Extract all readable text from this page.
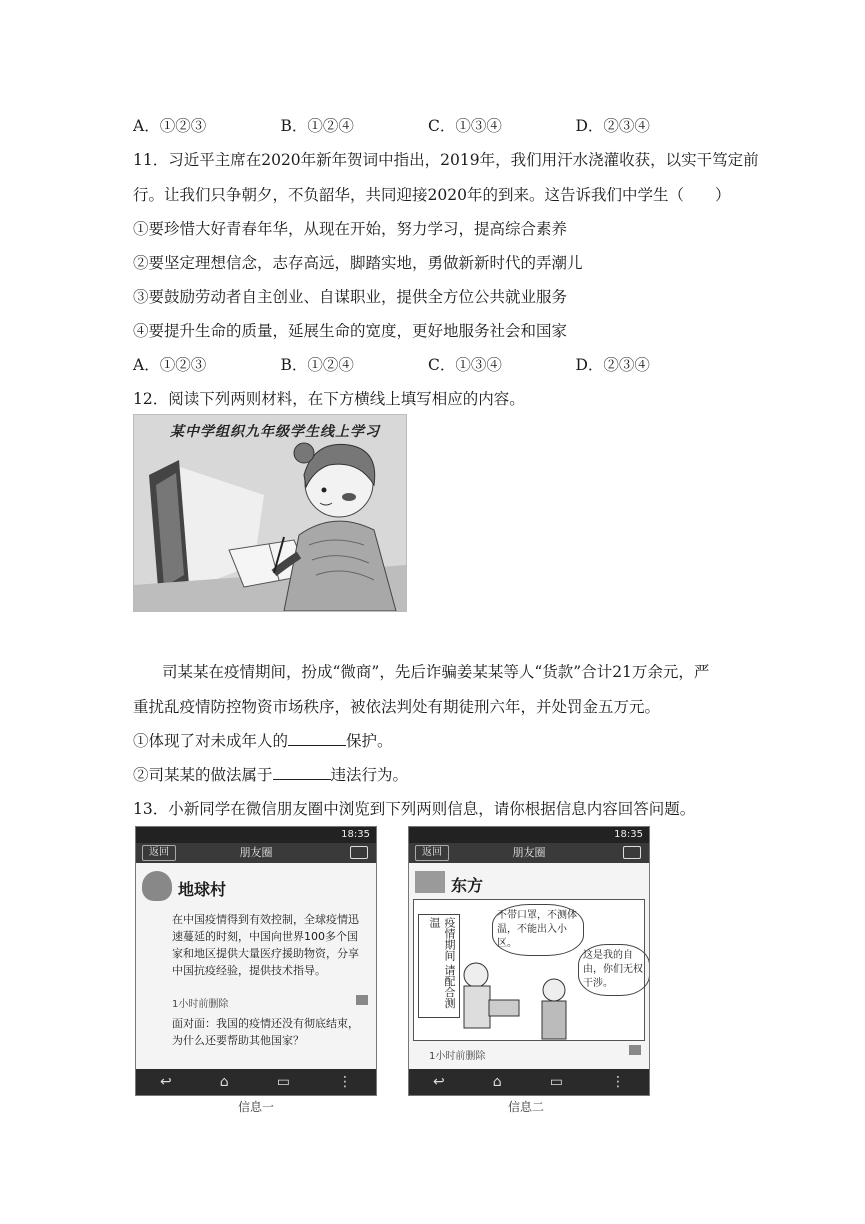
A．①②③	B．①②④	C．①③④	D．②③④
11．习近平主席在2020年新年贺词中指出，2019年，我们用汗水浇灌收获，以实干笃定前
行。让我们只争朝夕，不负韶华，共同迎接2020年的到来。这告诉我们中学生（　　）
①要珍惜大好青春年华，从现在开始，努力学习，提高综合素养
②要坚定理想信念，志存高远，脚踏实地，勇做新新时代的弄潮儿
③要鼓励劳动者自主创业、自谋职业，提供全方位公共就业服务
④要提升生命的质量，延展生命的宽度，更好地服务社会和国家
A．①②③	B．①②④	C．①③④	D．②③④
12．阅读下列两则材料，在下方横线上填写相应的内容。
某中学组织九年级学生线上学习
司某某在疫情期间，扮成“微商”，先后诈骗姜某某等人“货款”合计21万余元，严
重扰乱疫情防控物资市场秩序，被依法判处有期徒刑六年，并处罚金五万元。
①体现了对未成年人的	保护。
②司某某的做法属于	违法行为。
13．小新同学在微信朋友圈中浏览到下列两则信息，请你根据信息内容回答问题。
18:35
返回	朋友圈
地球村
在中国疫情得到有效控制，全球疫情迅速蔓延的时刻，中国向世界100多个国家和地区提供大量医疗援助物资，分享中国抗疫经验，提供技术指导。
1小时前删除
面对面：我国的疫情还没有彻底结束，为什么还要帮助其他国家？
↩	⌂	▭	⋮
信息一
18:35
返回	朋友圈
东方
疫情期间 请配合测温
不带口罩，不测体温，不能出入小区。
这是我的自由，你们无权干涉。
1小时前删除
↩	⌂	▭	⋮
信息二
